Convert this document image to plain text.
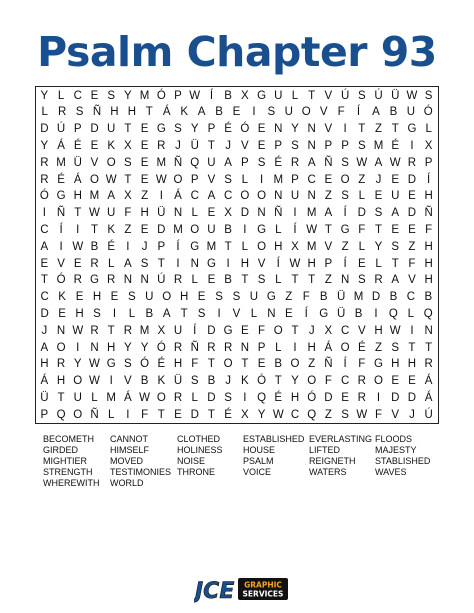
Psalm Chapter 93
Y L C E S Y M Ó P W Í B X G U L T V Ú S Ú Ü W S
L R S Ñ H H T Á K A B E	I	S U O V F	Í	A B U Ó
D Ú P D U T E G S Y P É Ó E N Y N V I	T Z T G L
Y Á É E K X E R J Ü T J V E P S N P P S M É I X
R M Ü V O S E M Ñ Q U A P S É R A Ñ S W A W R P
R É Á O W T E W O P V S L	I M P C E O Z J E D Í
Ó G H M A X Z	I Á C A C O O N U N Z S L E U E H
I Ñ T W U F H Ü N L E X D N Ñ I M A Í D S A D Ñ
C Í	I	T K Z E D M O U B I G L	Í W T G F T E E F
A I W B É I	J P Í G M T L O H X M V Z L Y S Z H
E V E R L A S T	I N G I H V Í W H P Í E L T F H
T Ó R G R N N Ú R L E B T S L T T Z N S R A V H
C K E H E S U O H E S S U G Z F B Ü M D B C B
D E H S	I	L B A T S	I	V L N E	Í G Ü B	I Q L Q
J N W R T R M X U Í D G E F O T J X C V H W I N
A O I N H Y Y Ó R Ñ R R N P L	I H Á O É Z S T T
H R Y W G S Ó É H F T O T E B O Z Ñ Í	F G H H R
Á H O W I V B K Ü S B J K Ó T Y O F C R O E E Á
Ü T U L M Á W O R L D S I Q É H Ó D E R I D D Á
P Q O Ñ L	I	F T E D T É X Y W C Q Z S W F V J Ú
BECOMETH CANNOT	CLOTHED	ESTABLISHED EVERLASTING FLOODS
GIRDED	HIMSELF	HOLINESS HOUSE	LIFTED	MAJESTY
MIGHTIER	MOVED	NOISE	PSALM	REIGNETH STABLISHED
STRENGTH TESTIMONIES THRONE	VOICE	WATERS	WAVES
WHEREWITH WORLD
JCE GRAPHIC
SERVICES
